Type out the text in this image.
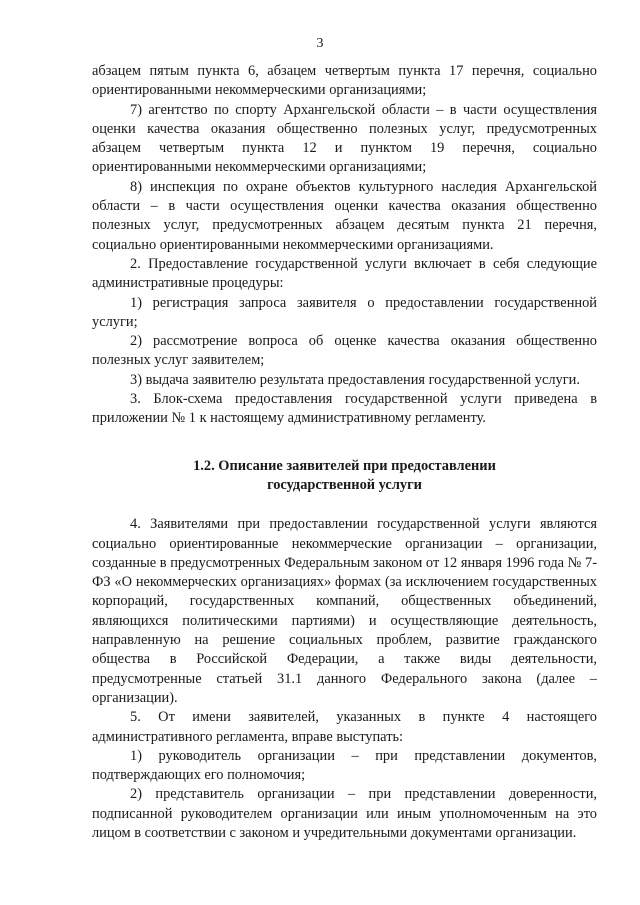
3

абзацем пятым пункта 6, абзацем четвертым пункта 17 перечня, социально ориентированными некоммерческими организациями;

7) агентство по спорту Архангельской области – в части осуществления оценки качества оказания общественно полезных услуг, предусмотренных абзацем четвертым пункта 12 и пунктом 19 перечня, социально ориентированными некоммерческими организациями;

8) инспекция по охране объектов культурного наследия Архангельской области – в части осуществления оценки качества оказания общественно полезных услуг, предусмотренных абзацем десятым пункта 21 перечня, социально ориентированными некоммерческими организациями.

2. Предоставление государственной услуги включает в себя следующие административные процедуры:

1) регистрация запроса заявителя о предоставлении государственной услуги;

2) рассмотрение вопроса об оценке качества оказания общественно полезных услуг заявителем;

3) выдача заявителю результата предоставления государственной услуги.

3. Блок-схема предоставления государственной услуги приведена в приложении № 1 к настоящему административному регламенту.

1.2. Описание заявителей при предоставлении
государственной услуги

4. Заявителями при предоставлении государственной услуги являются социально ориентированные некоммерческие организации – организации, созданные в предусмотренных Федеральным законом от 12 января 1996 года № 7-ФЗ «О некоммерческих организациях» формах (за исключением государственных корпораций, государственных компаний, общественных объединений, являющихся политическими партиями) и осуществляющие деятельность, направленную на решение социальных проблем, развитие гражданского общества в Российской Федерации, а также виды деятельности, предусмотренные статьей 31.1 данного Федерального закона (далее – организации).

5. От имени заявителей, указанных в пункте 4 настоящего административного регламента, вправе выступать:

1) руководитель организации – при представлении документов, подтверждающих его полномочия;

2) представитель организации – при представлении доверенности, подписанной руководителем организации или иным уполномоченным на это лицом в соответствии с законом и учредительными документами организации.
